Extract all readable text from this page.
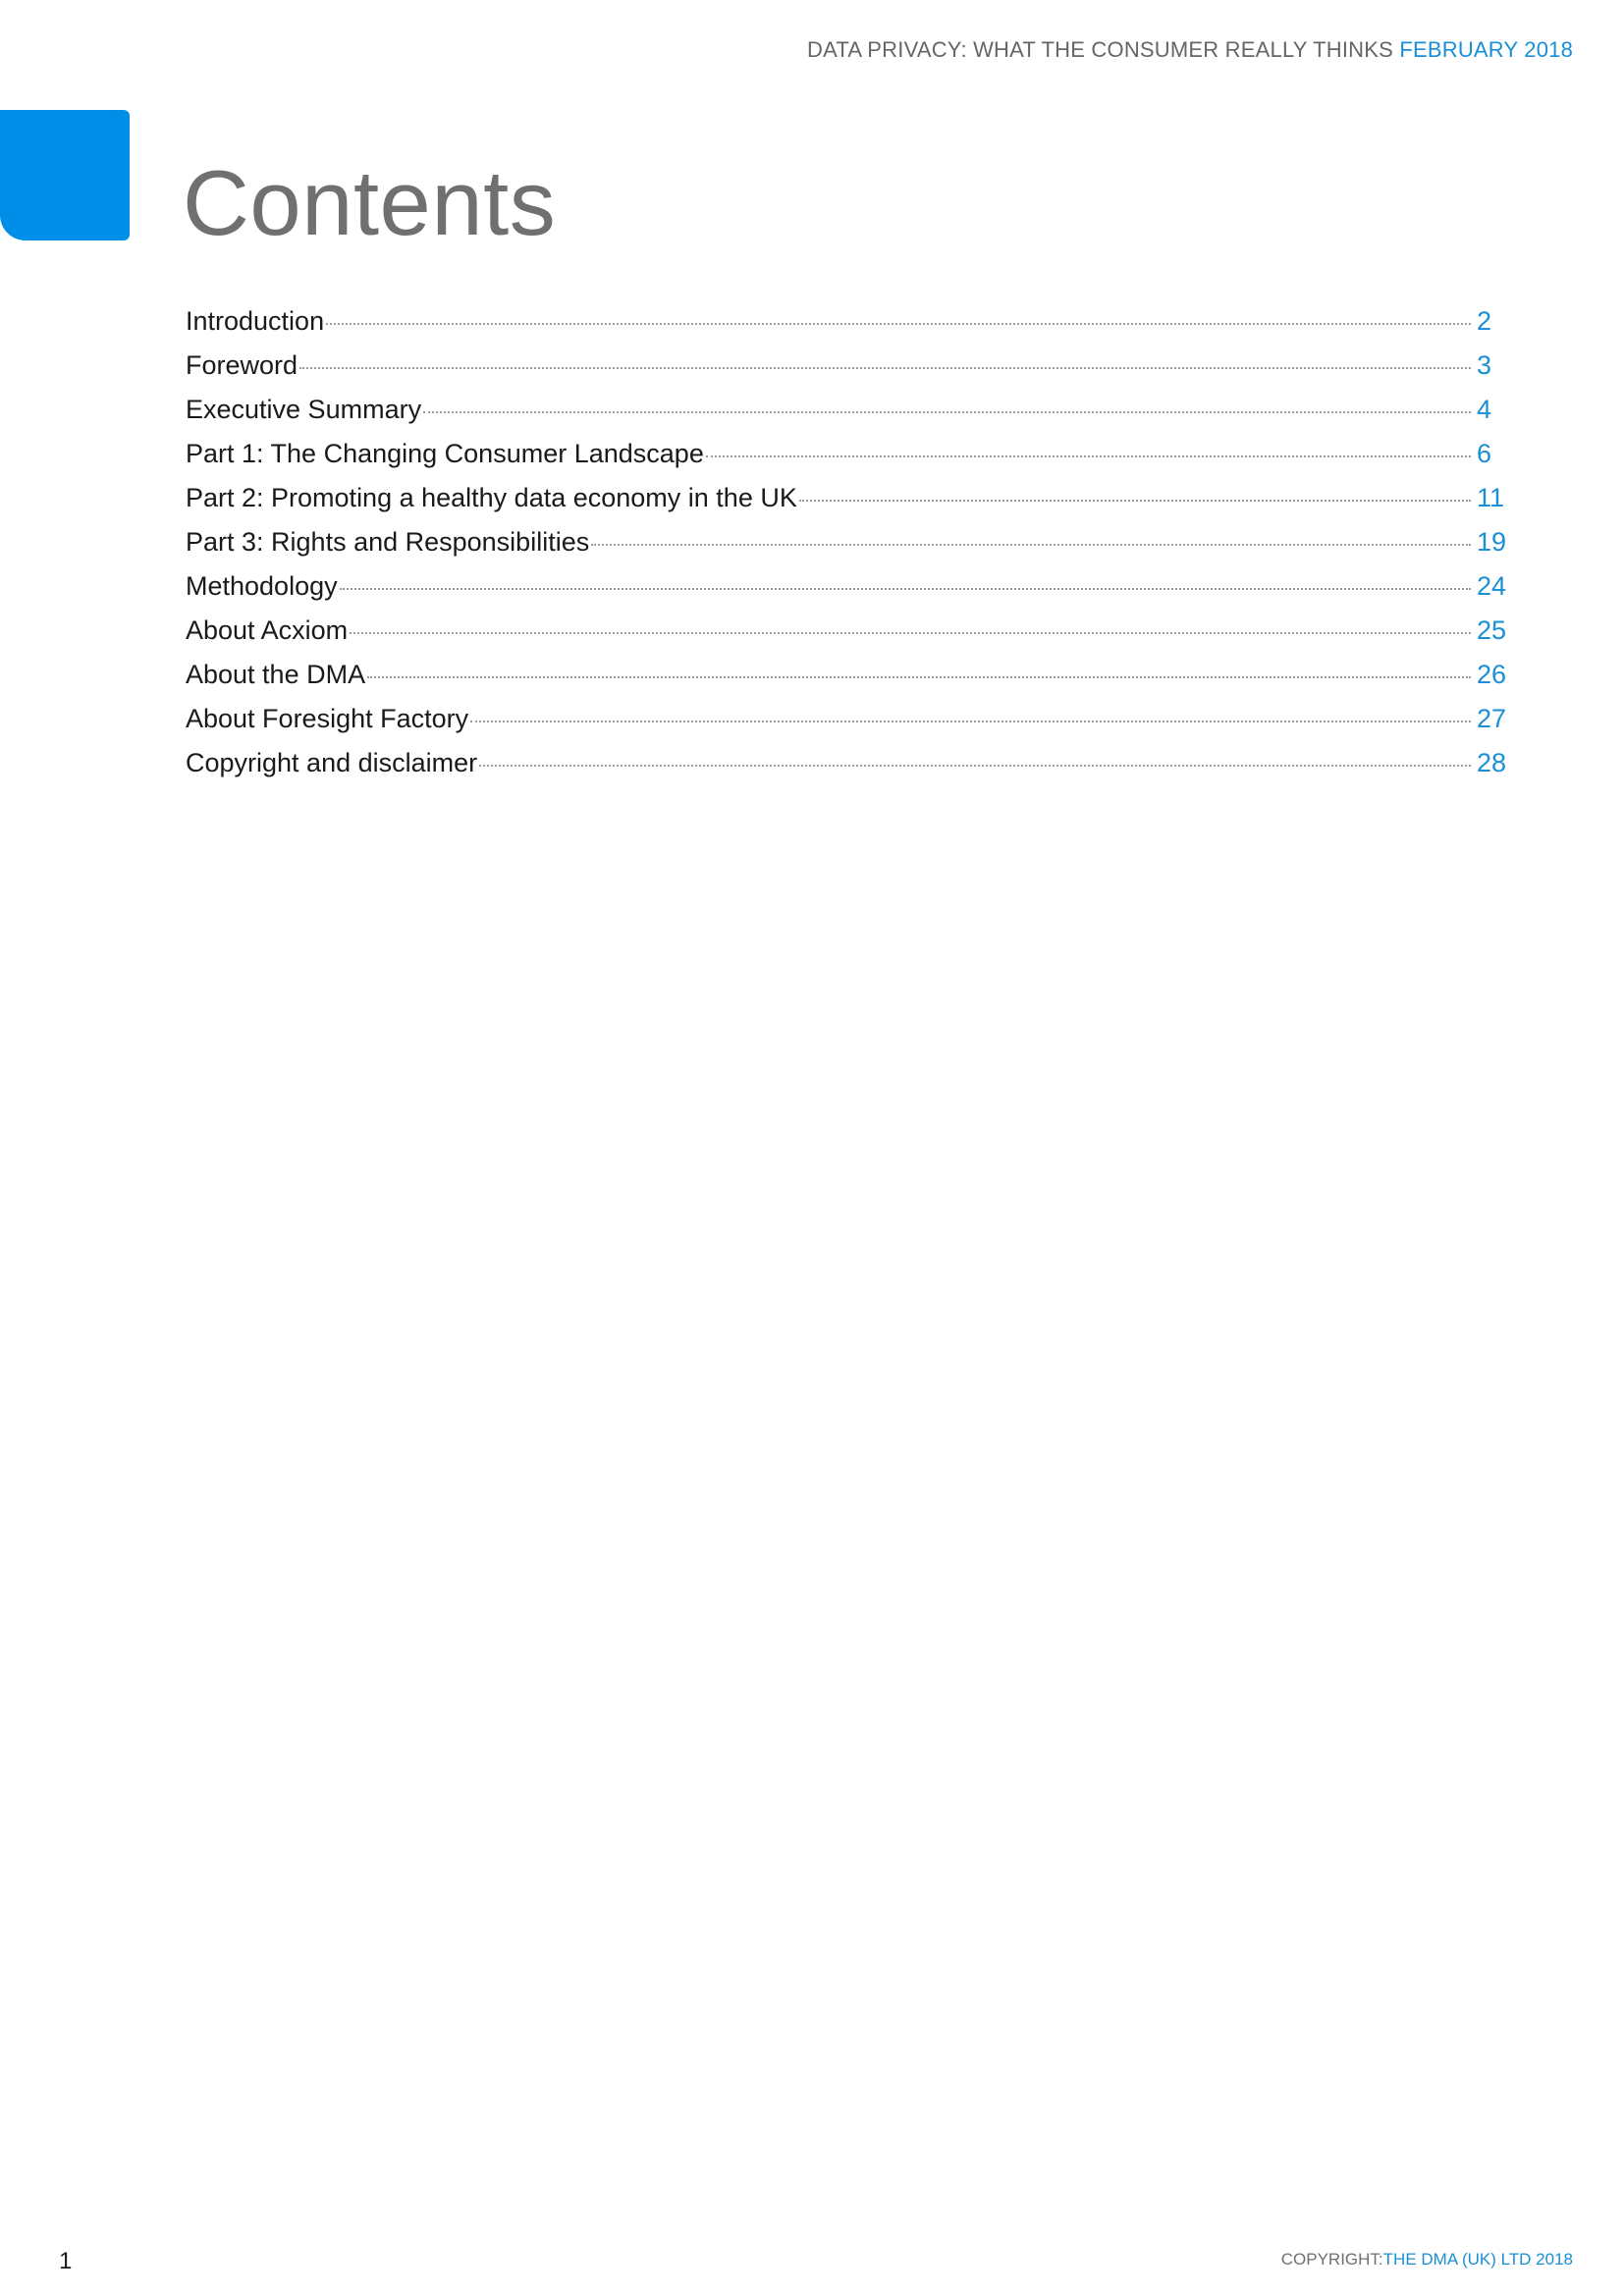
DATA PRIVACY: WHAT THE CONSUMER REALLY THINKS FEBRUARY 2018
Contents
Introduction	2
Foreword	3
Executive Summary	4
Part 1: The Changing Consumer Landscape	6
Part 2: Promoting a healthy data economy in the UK	11
Part 3: Rights and Responsibilities	19
Methodology	24
About Acxiom	25
About the DMA	26
About Foresight Factory	27
Copyright and disclaimer	28
1	COPYRIGHT:THE DMA (UK) LTD 2018
